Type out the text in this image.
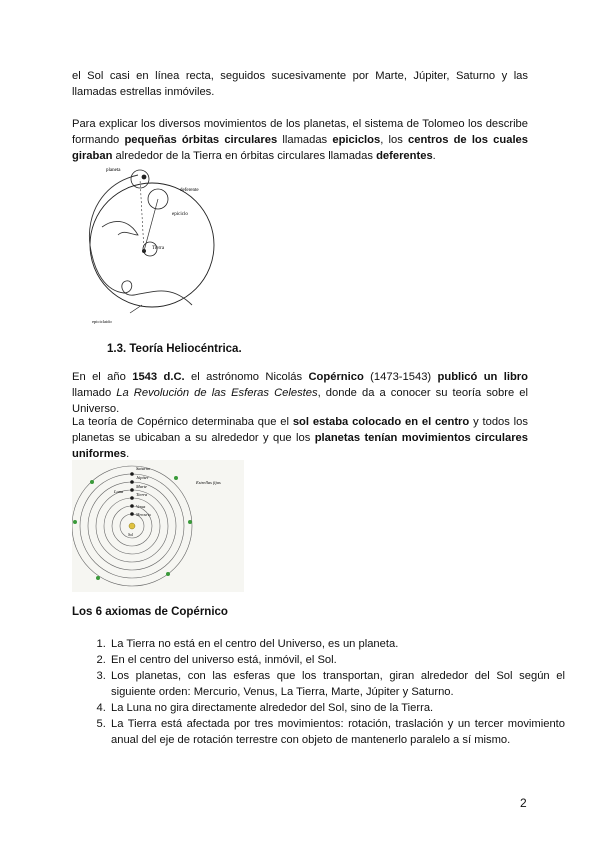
el Sol casi en línea recta, seguidos sucesivamente por Marte, Júpiter, Saturno y las
llamadas estrellas inmóviles.

Para explicar los diversos movimientos de los planetas, el sistema de Tolomeo los describe formando pequeñas órbitas circulares llamadas epiciclos, los centros de los cuales giraban alrededor de la Tierra en órbitas circulares llamadas deferentes.

planeta
deferente
epiciclo
Tierra
epiciclaido

1.3. Teoría Heliocéntrica.

En el año 1543 d.C. el astrónomo Nicolás Copérnico (1473-1543) publicó un libro llamado La Revolución de las Esferas Celestes, donde da a conocer su teoría sobre el Universo.

La teoría de Copérnico determinaba que el sol estaba colocado en el centro y todos los planetas se ubicaban a su alrededor y que los planetas tenían movimientos circulares uniformes.

Saturno
Júpiter
Marte
Tierra
Luna
Venus
Mercurio
Sol
Estrellas fijas

Los 6 axiomas de Copérnico

1. La Tierra no está en el centro del Universo, es un planeta.
2. En el centro del universo está, inmóvil, el Sol.
3. Los planetas, con las esferas que los transportan, giran alrededor del Sol según el siguiente orden: Mercurio, Venus, La Tierra, Marte, Júpiter y Saturno.
4. La Luna no gira directamente alrededor del Sol, sino de la Tierra.
5. La Tierra está afectada por tres movimientos: rotación, traslación y un tercer movimiento anual del eje de rotación terrestre con objeto de mantenerlo paralelo a sí mismo.
2
